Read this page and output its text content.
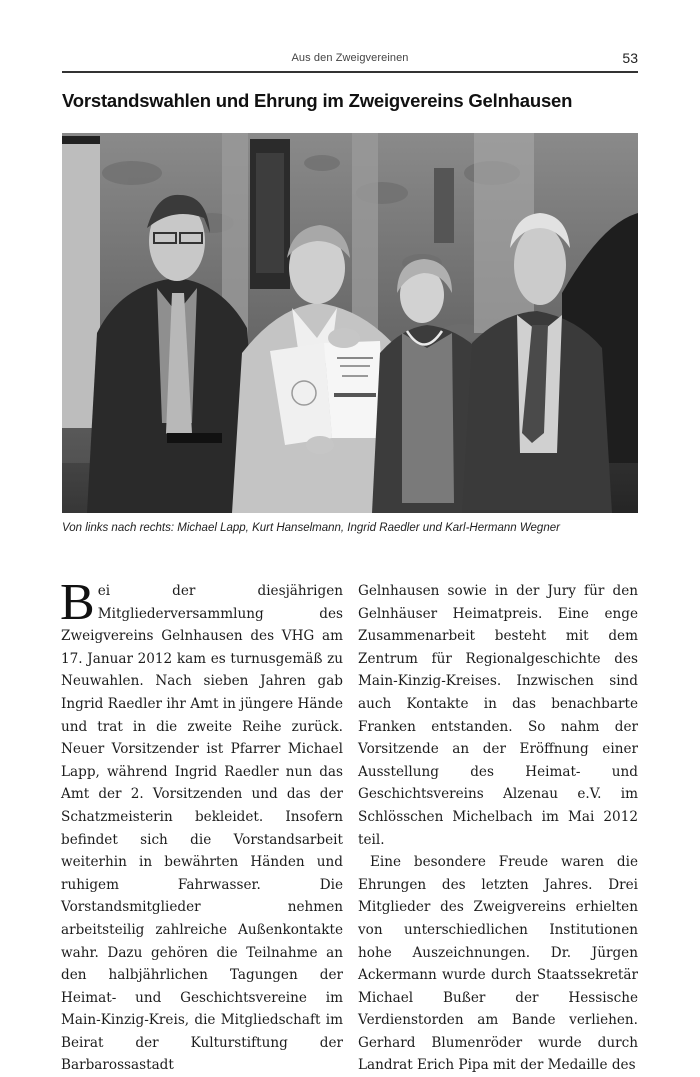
Aus den Zweigvereinen	53
Vorstandswahlen und Ehrung im Zweigvereins Gelnhausen
Von links nach rechts: Michael Lapp, Kurt Hanselmann, Ingrid Raedler und Karl-Hermann Wegner

Bei der diesjährigen Mitgliederversammlung des Zweigvereins Gelnhausen des VHG am 17. Januar 2012 kam es turnusgemäß zu Neuwahlen. Nach sieben Jahren gab Ingrid Raedler ihr Amt in jüngere Hände und trat in die zweite Reihe zurück. Neuer Vorsitzender ist Pfarrer Michael Lapp, während Ingrid Raedler nun das Amt der 2. Vorsitzenden und das der Schatzmeisterin bekleidet. Insofern befindet sich die Vorstandsarbeit weiterhin in bewährten Händen und ruhigem Fahrwasser. Die Vorstandsmitglieder nehmen arbeitsteilig zahlreiche Außenkontakte wahr. Dazu gehören die Teilnahme an den halbjährlichen Tagungen der Heimat- und Geschichtsvereine im Main-Kinzig-Kreis, die Mitgliedschaft im Beirat der Kulturstiftung der Barbarossastadt

Gelnhausen sowie in der Jury für den Gelnhäuser Heimatpreis. Eine enge Zusammenarbeit besteht mit dem Zentrum für Regionalgeschichte des Main-Kinzig-Kreises. Inzwischen sind auch Kontakte in das benachbarte Franken entstanden. So nahm der Vorsitzende an der Eröffnung einer Ausstellung des Heimat- und Geschichtsvereins Alzenau e.V. im Schlösschen Michelbach im Mai 2012 teil.

Eine besondere Freude waren die Ehrungen des letzten Jahres. Drei Mitglieder des Zweigvereins erhielten von unterschiedlichen Institutionen hohe Auszeichnungen. Dr. Jürgen Ackermann wurde durch Staatssekretär Michael Bußer der Hessische Verdienstorden am Bande verliehen. Gerhard Blumenröder wurde durch Landrat Erich Pipa mit der Medaille des
